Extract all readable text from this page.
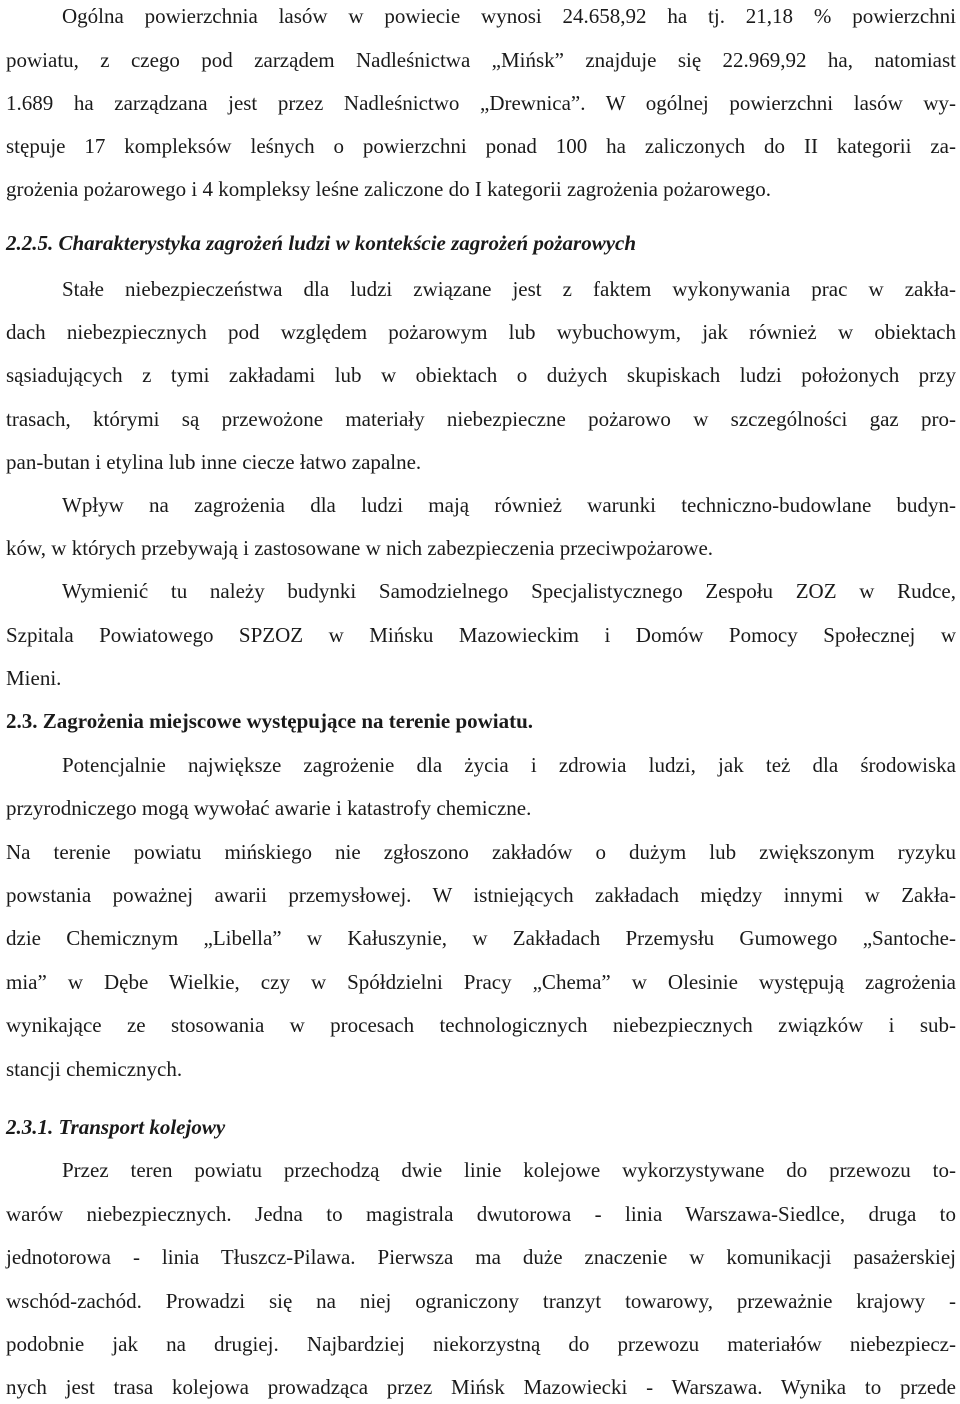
Ogólna powierzchnia lasów w powiecie wynosi 24.658,92 ha tj. 21,18 % powierzchni
powiatu, z czego pod zarządem Nadleśnictwa „Mińsk” znajduje się 22.969,92 ha, natomiast
1.689 ha zarządzana jest przez Nadleśnictwo „Drewnica”. W ogólnej powierzchni lasów wy-
stępuje 17 kompleksów leśnych o powierzchni ponad 100 ha zaliczonych do II kategorii za-
grożenia pożarowego i 4 kompleksy leśne zaliczone do I kategorii zagrożenia pożarowego.
2.2.5. Charakterystyka zagrożeń ludzi w kontekście zagrożeń pożarowych
Stałe niebezpieczeństwa dla ludzi związane jest z faktem wykonywania prac w zakła-
dach niebezpiecznych pod względem pożarowym lub wybuchowym, jak również w obiektach
sąsiadujących z tymi zakładami lub w obiektach o dużych skupiskach ludzi położonych przy
trasach, którymi są przewożone materiały niebezpieczne pożarowo w szczególności gaz pro-
pan-butan i etylina lub inne ciecze łatwo zapalne.
Wpływ na zagrożenia dla ludzi mają również warunki techniczno-budowlane budyn-
ków, w których przebywają i zastosowane w nich zabezpieczenia przeciwpożarowe.
Wymienić tu należy budynki Samodzielnego Specjalistycznego Zespołu ZOZ w Rudce,
Szpitala Powiatowego SPZOZ w Mińsku Mazowieckim i Domów Pomocy Społecznej w
Mieni.
2.3. Zagrożenia miejscowe występujące na terenie powiatu.
Potencjalnie największe zagrożenie dla życia i zdrowia ludzi, jak też dla środowiska
przyrodniczego mogą wywołać awarie i katastrofy chemiczne.
Na terenie powiatu mińskiego nie zgłoszono zakładów o dużym lub zwiększonym ryzyku
powstania poważnej awarii przemysłowej. W istniejących zakładach między innymi w Zakła-
dzie Chemicznym „Libella” w Kałuszynie, w Zakładach Przemysłu Gumowego „Santoche-
mia” w Dębe Wielkie, czy w Spółdzielni Pracy „Chema” w Olesinie występują zagrożenia
wynikające ze stosowania w procesach technologicznych niebezpiecznych związków i sub-
stancji chemicznych.
2.3.1. Transport kolejowy
Przez teren powiatu przechodzą dwie linie kolejowe wykorzystywane do przewozu to-
warów niebezpiecznych. Jedna to magistrala dwutorowa - linia Warszawa-Siedlce, druga to
jednotorowa - linia Tłuszcz-Pilawa. Pierwsza ma duże znaczenie w komunikacji pasażerskiej
wschód-zachód. Prowadzi się na niej ograniczony tranzyt towarowy, przeważnie krajowy -
podobnie jak na drugiej. Najbardziej niekorzystną do przewozu materiałów niebezpiecz-
nych jest trasa kolejowa prowadząca przez Mińsk Mazowiecki - Warszawa. Wynika to przede
